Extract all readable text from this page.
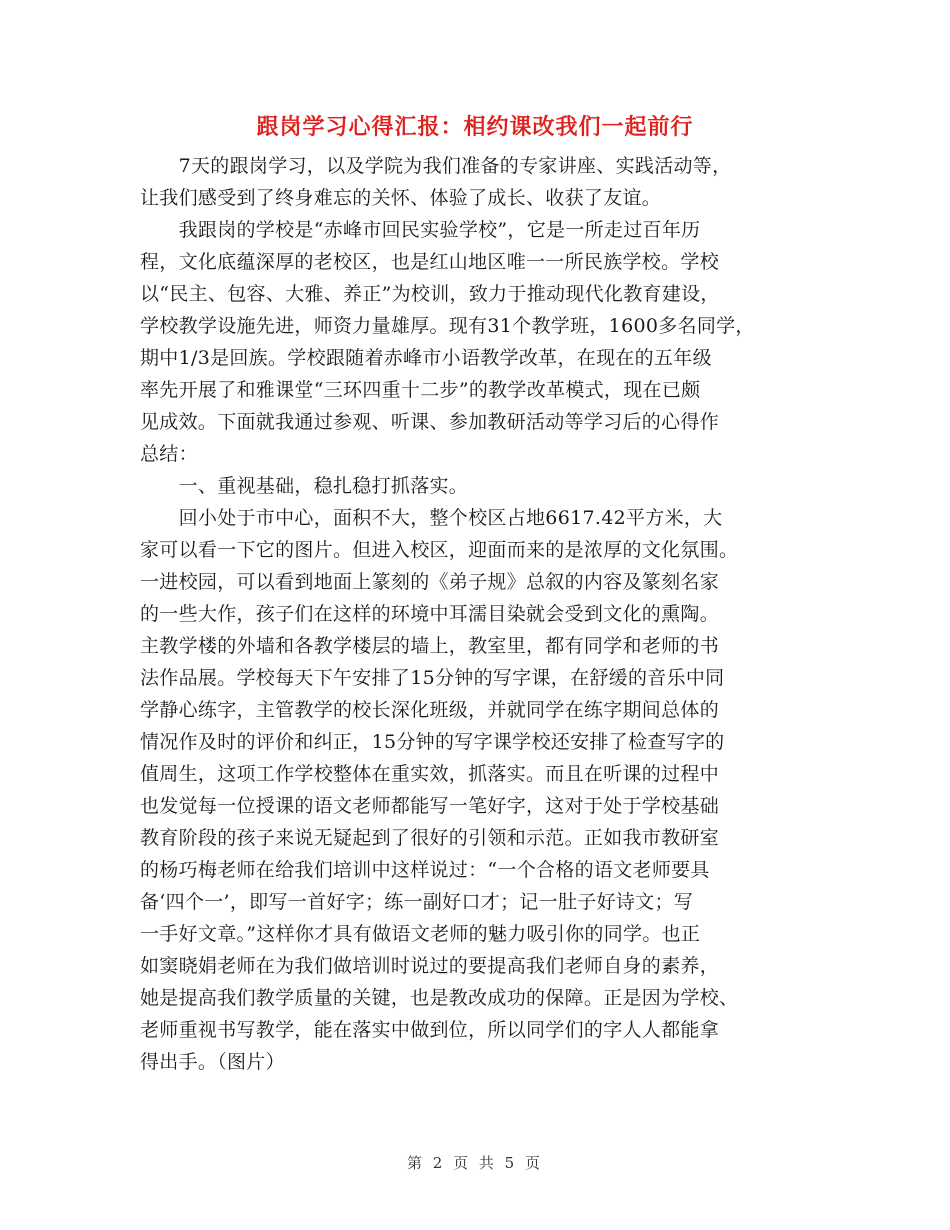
跟岗学习心得汇报：相约课改我们一起前行
　　7天的跟岗学习，以及学院为我们准备的专家讲座、实践活动等，
让我们感受到了终身难忘的关怀、体验了成长、收获了友谊。
　　我跟岗的学校是“赤峰市回民实验学校”，它是一所走过百年历
程，文化底蕴深厚的老校区，也是红山地区唯一一所民族学校。学校
以“民主、包容、大雅、养正”为校训，致力于推动现代化教育建设，
学校教学设施先进，师资力量雄厚。现有31个教学班，1600多名同学，
期中1/3是回族。学校跟随着赤峰市小语教学改革，在现在的五年级
率先开展了和雅课堂“三环四重十二步”的教学改革模式，现在已颇
见成效。下面就我通过参观、听课、参加教研活动等学习后的心得作
总结：
　　一、重视基础，稳扎稳打抓落实。
　　回小处于市中心，面积不大，整个校区占地6617.42平方米，大
家可以看一下它的图片。但进入校区，迎面而来的是浓厚的文化氛围。
一进校园，可以看到地面上篆刻的《弟子规》总叙的内容及篆刻名家
的一些大作，孩子们在这样的环境中耳濡目染就会受到文化的熏陶。
主教学楼的外墙和各教学楼层的墙上，教室里，都有同学和老师的书
法作品展。学校每天下午安排了15分钟的写字课，在舒缓的音乐中同
学静心练字，主管教学的校长深化班级，并就同学在练字期间总体的
情况作及时的评价和纠正，15分钟的写字课学校还安排了检查写字的
值周生，这项工作学校整体在重实效，抓落实。而且在听课的过程中
也发觉每一位授课的语文老师都能写一笔好字，这对于处于学校基础
教育阶段的孩子来说无疑起到了很好的引领和示范。正如我市教研室
的杨巧梅老师在给我们培训中这样说过：“一个合格的语文老师要具
备‘四个一’，即写一首好字；练一副好口才；记一肚子好诗文；写
一手好文章。”这样你才具有做语文老师的魅力吸引你的同学。也正
如窦晓娟老师在为我们做培训时说过的要提高我们老师自身的素养，
她是提高我们教学质量的关键，也是教改成功的保障。正是因为学校、
老师重视书写教学，能在落实中做到位，所以同学们的字人人都能拿
得出手。（图片）
第 2 页 共 5 页
